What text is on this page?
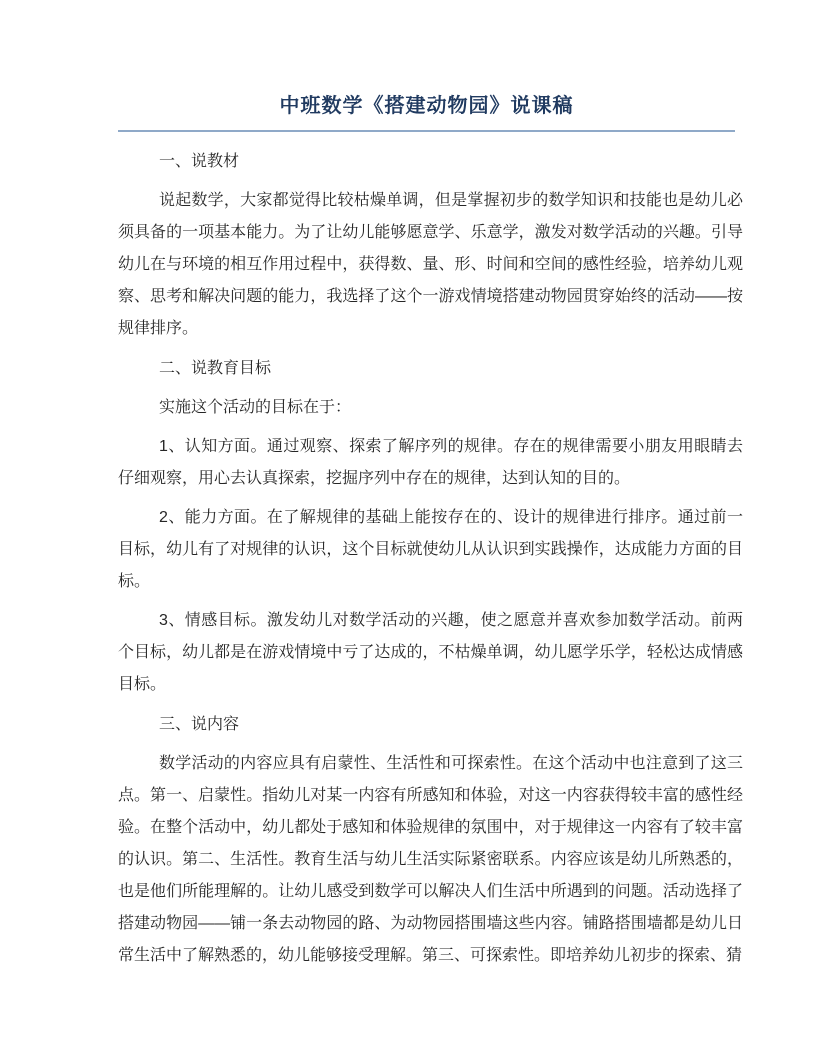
中班数学《搭建动物园》说课稿

一、说教材

说起数学，大家都觉得比较枯燥单调，但是掌握初步的数学知识和技能也是幼儿必须具备的一项基本能力。为了让幼儿能够愿意学、乐意学，激发对数学活动的兴趣。引导幼儿在与环境的相互作用过程中，获得数、量、形、时间和空间的感性经验，培养幼儿观察、思考和解决问题的能力，我选择了这个一游戏情境搭建动物园贯穿始终的活动——按规律排序。

二、说教育目标

实施这个活动的目标在于：

1、认知方面。通过观察、探索了解序列的规律。存在的规律需要小朋友用眼睛去仔细观察，用心去认真探索，挖掘序列中存在的规律，达到认知的目的。

2、能力方面。在了解规律的基础上能按存在的、设计的规律进行排序。通过前一目标，幼儿有了对规律的认识，这个目标就使幼儿从认识到实践操作，达成能力方面的目标。

3、情感目标。激发幼儿对数学活动的兴趣，使之愿意并喜欢参加数学活动。前两个目标，幼儿都是在游戏情境中亏了达成的，不枯燥单调，幼儿愿学乐学，轻松达成情感目标。

三、说内容

数学活动的内容应具有启蒙性、生活性和可探索性。在这个活动中也注意到了这三点。第一、启蒙性。指幼儿对某一内容有所感知和体验，对这一内容获得较丰富的感性经验。在整个活动中，幼儿都处于感知和体验规律的氛围中，对于规律这一内容有了较丰富的认识。第二、生活性。教育生活与幼儿生活实际紧密联系。内容应该是幼儿所熟悉的，也是他们所能理解的。让幼儿感受到数学可以解决人们生活中所遇到的问题。活动选择了搭建动物园——铺一条去动物园的路、为动物园搭围墙这些内容。铺路搭围墙都是幼儿日常生活中了解熟悉的，幼儿能够接受理解。第三、可探索性。即培养幼儿初步的探索、猜
